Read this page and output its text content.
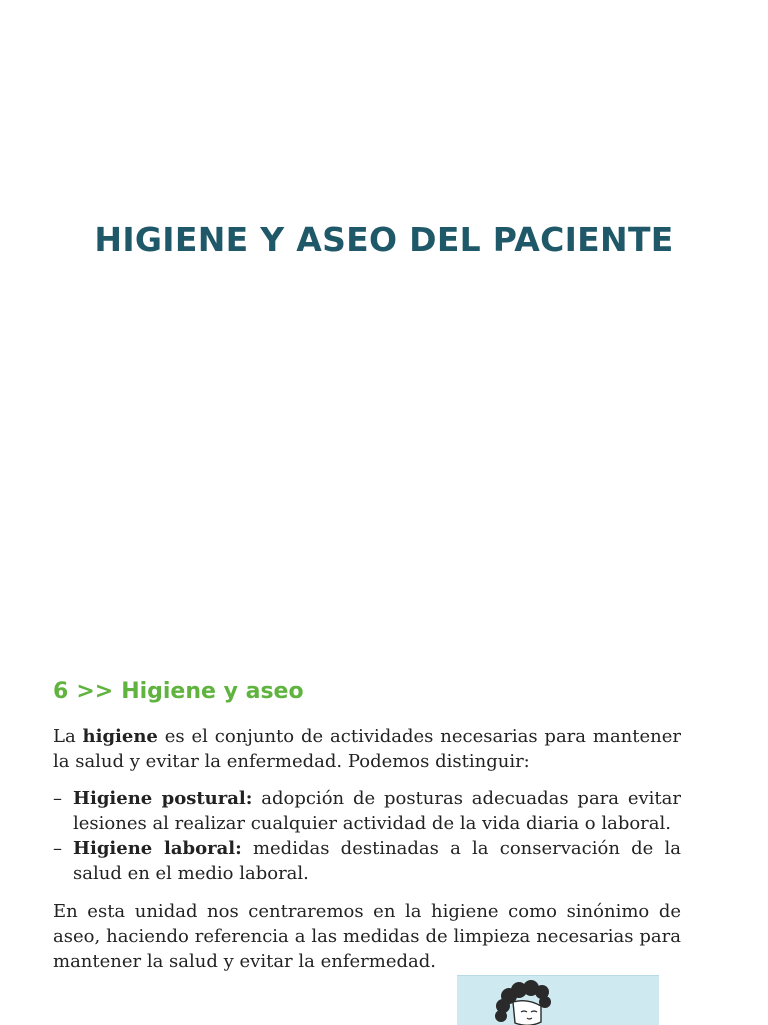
HIGIENE Y ASEO DEL PACIENTE
6 >> Higiene y aseo

La higiene es el conjunto de actividades necesarias para mantener la salud y evitar la enfermedad. Podemos distinguir:

– Higiene postural: adopción de posturas adecuadas para evitar lesiones al realizar cualquier actividad de la vida diaria o laboral.
– Higiene laboral: medidas destinadas a la conservación de la salud en el medio laboral.

En esta unidad nos centraremos en la higiene como sinónimo de aseo, haciendo referencia a las medidas de limpieza necesarias para mantener la salud y evitar la enfermedad.
